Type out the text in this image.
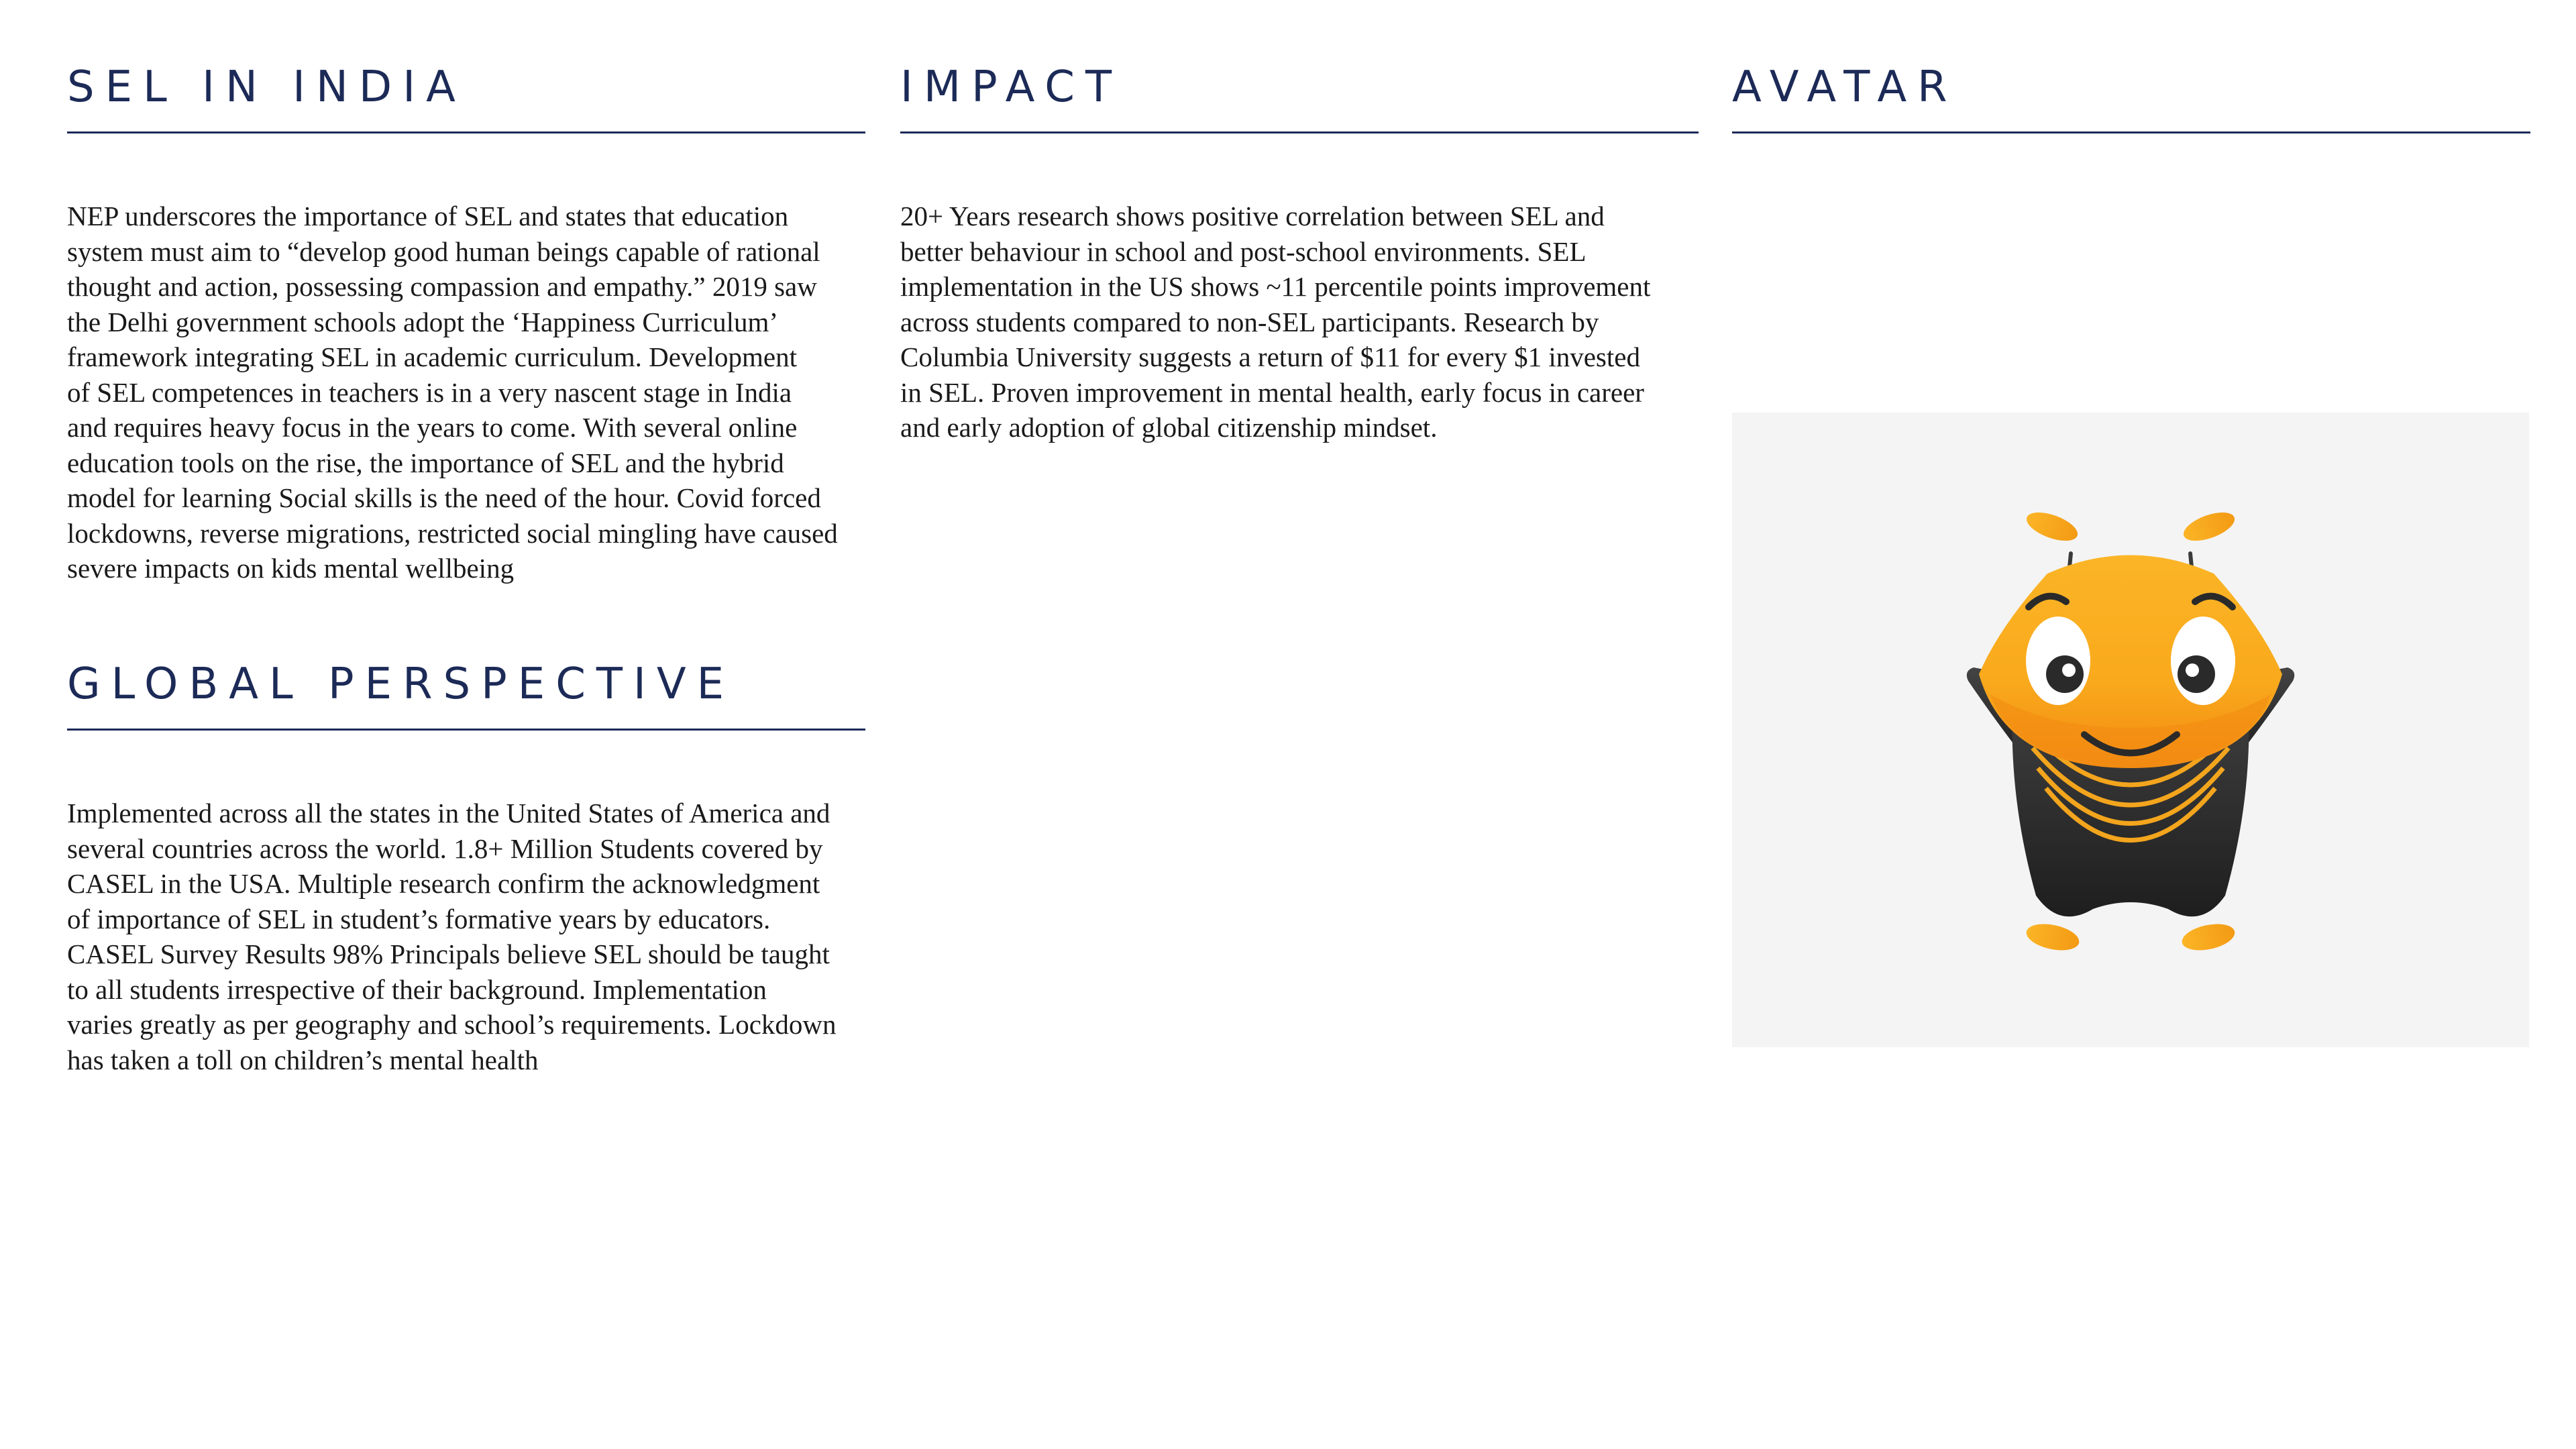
SEL IN INDIA

NEP underscores the importance of SEL and states that education
system must aim to “develop good human beings capable of rational
thought and action, possessing compassion and empathy.” 2019 saw
the Delhi government schools adopt the ‘Happiness Curriculum’
framework integrating SEL in academic curriculum. Development
of SEL competences in teachers is in a very nascent stage in India
and requires heavy focus in the years to come. With several online
education tools on the rise, the importance of SEL and the hybrid
model for learning Social skills is the need of the hour. Covid forced
lockdowns, reverse migrations, restricted social mingling have caused
severe impacts on kids mental wellbeing

GLOBAL PERSPECTIVE

Implemented across all the states in the United States of America and
several countries across the world. 1.8+ Million Students covered by
CASEL in the USA. Multiple research confirm the acknowledgment
of importance of SEL in student’s formative years by educators.
CASEL Survey Results 98% Principals believe SEL should be taught
to all students irrespective of their background. Implementation
varies greatly as per geography and school’s requirements. Lockdown
has taken a toll on children’s mental health

IMPACT

20+ Years research shows positive correlation between SEL and
better behaviour in school and post-school environments. SEL
implementation in the US shows ~11 percentile points improvement
across students compared to non-SEL participants. Research by
Columbia University suggests a return of $11 for every $1 invested
in SEL. Proven improvement in mental health, early focus in career
and early adoption of global citizenship mindset.

AVATAR
